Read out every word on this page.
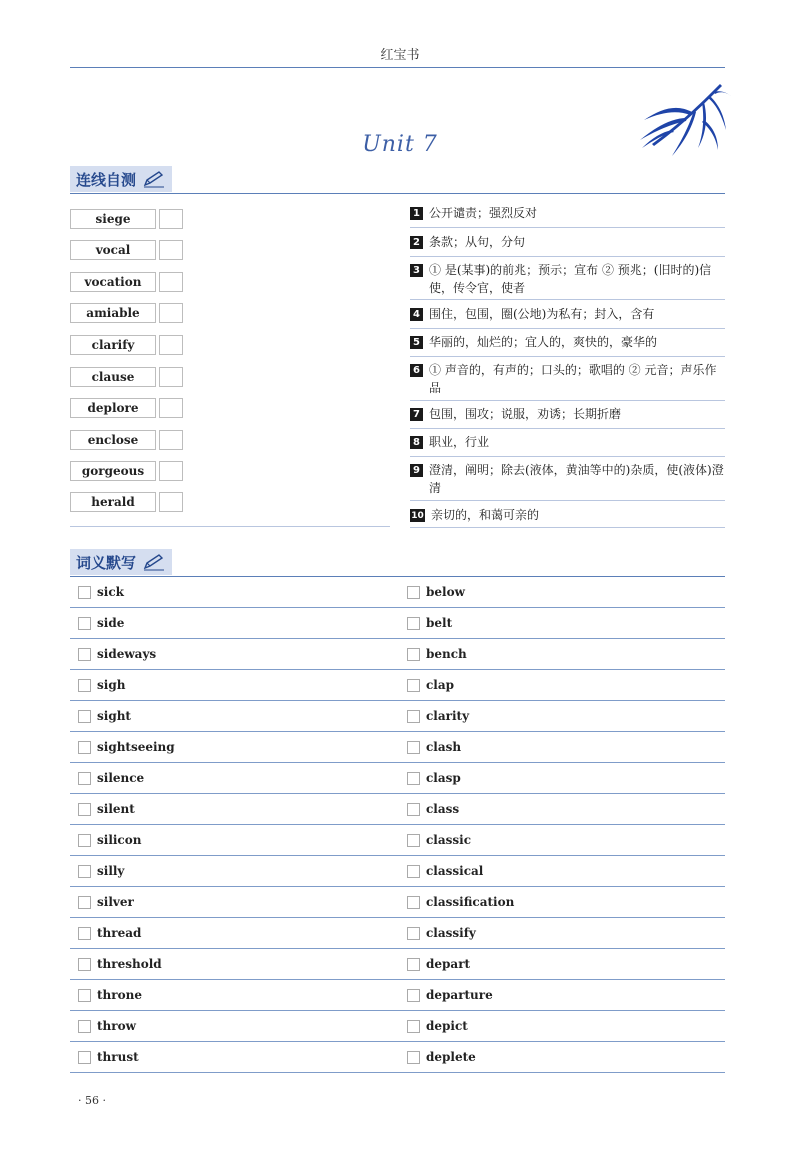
红宝书
Unit 7
连线自测
siege
vocal
vocation
amiable
clarify
clause
deplore
enclose
gorgeous
herald
1 公开谴责；强烈反对
2 条款；从句，分句
3 ① 是(某事)的前兆；预示；宣布 ② 预兆；(旧时的)信使，传令官，使者
4 围住，包围，圈(公地)为私有；封入，含有
5 华丽的，灿烂的；宜人的，爽快的，豪华的
6 ① 声音的，有声的；口头的；歌唱的 ② 元音；声乐作品
7 包围，围攻；说服，劝诱；长期折磨
8 职业，行业
9 澄清，阐明；除去(液体，黄油等中的)杂质，使(液体)澄清
10 亲切的，和蔼可亲的
词义默写
sick	below
side	belt
sideways	bench
sigh	clap
sight	clarity
sightseeing	clash
silence	clasp
silent	class
silicon	classic
silly	classical
silver	classification
thread	classify
threshold	depart
throne	departure
throw	depict
thrust	deplete
· 56 ·
